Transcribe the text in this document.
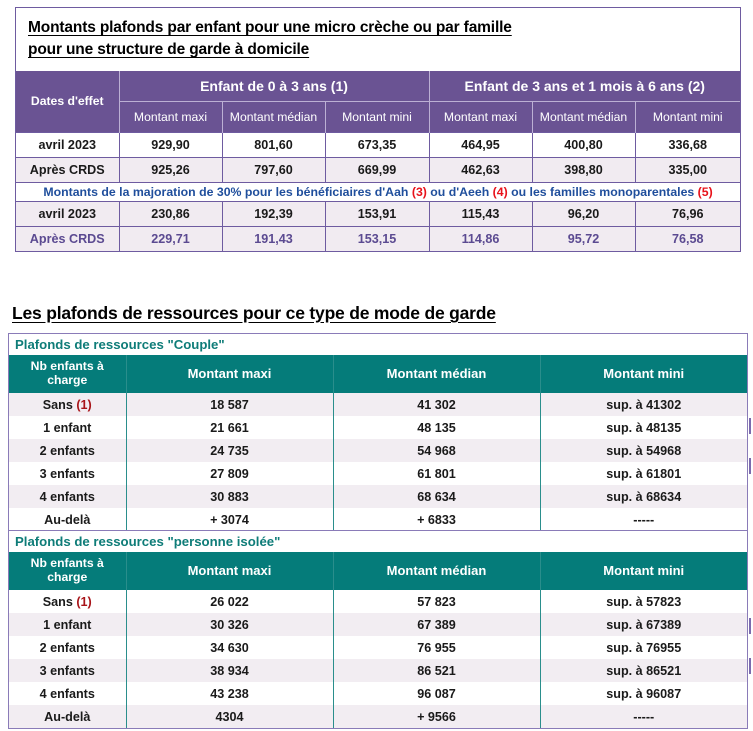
Montants plafonds par enfant pour une micro crèche ou par famille
pour une structure de garde à domicile
Dates d'effet	Enfant de 0 à 3 ans (1)			Enfant de 3 ans et 1 mois à 6 ans (2)		
	Montant maxi	Montant médian	Montant mini	Montant maxi	Montant médian	Montant mini
avril 2023	929,90	801,60	673,35	464,95	400,80	336,68
Après CRDS	925,26	797,60	669,99	462,63	398,80	335,00
Montants de la majoration de 30% pour les bénéficiaires d'Aah (3) ou d'Aeeh (4) ou les familles monoparentales (5)						
avril 2023	230,86	192,39	153,91	115,43	96,20	76,96
Après CRDS	229,71	191,43	153,15	114,86	95,72	76,58
Les plafonds de ressources pour ce type de mode de garde
Plafonds de ressources "Couple"
Nb enfants à
charge	Montant maxi	Montant médian	Montant mini
Sans (1)	18 587	41 302	sup. à 41302
1 enfant	21 661	48 135	sup. à 48135
2 enfants	24 735	54 968	sup. à 54968
3 enfants	27 809	61 801	sup. à 61801
4 enfants	30 883	68 634	sup. à 68634
Au-delà	+ 3074	+ 6833	-----
Plafonds de ressources "personne isolée"
Nb enfants à
charge	Montant maxi	Montant médian	Montant mini
Sans (1)	26 022	57 823	sup. à 57823
1 enfant	30 326	67 389	sup. à 67389
2 enfants	34 630	76 955	sup. à 76955
3 enfants	38 934	86 521	sup. à 86521
4 enfants	43 238	96 087	sup. à 96087
Au-delà	4304	+ 9566	-----
